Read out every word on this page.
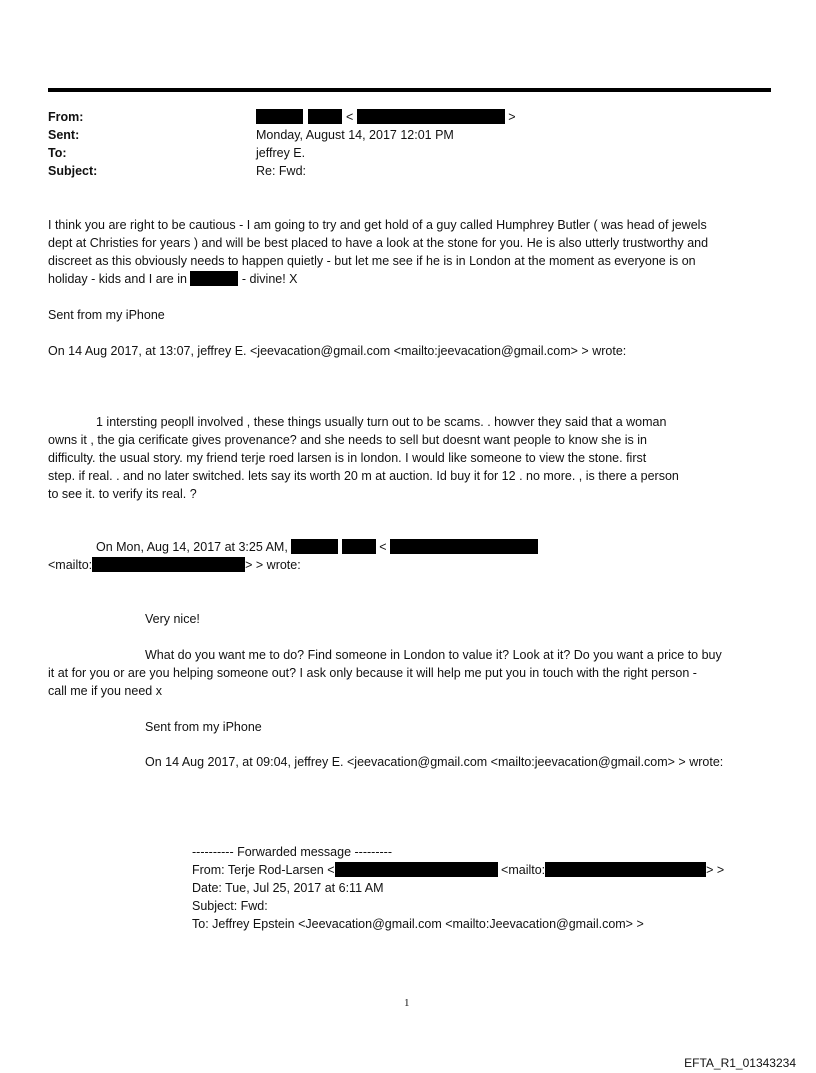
From:	<	>
Sent:	Monday, August 14, 2017 12:01 PM
To:	jeffrey E.
Subject:	Re: Fwd:
I think you are right to be cautious - I am going to try and get hold of a guy called Humphrey Butler ( was head of jewels
dept at Christies for years ) and will be best placed to have a look at the stone for you. He is also utterly trustworthy and
discreet as this obviously needs to happen quietly - but let me see if he is in London at the moment as everyone is on
holiday - kids and I are in	- divine! X
Sent from my iPhone
On 14 Aug 2017, at 13:07, jeffrey E. <jeevacation@gmail.com <mailto:jeevacation@gmail.com> > wrote:
1 intersting peopll involved , these things usually turn out to be scams. . howver they said that a woman
owns it , the gia cerificate gives provenance? and she needs to sell but doesnt want people to know she is in
difficulty. the usual story. my friend terje roed larsen is in london. I would like someone to view the stone. first
step. if real. . and no later switched. lets say its worth 20 m at auction. Id buy it for 12 . no more. , is there a person
to see it. to verify its real. ?
On Mon, Aug 14, 2017 at 3:25 AM,	<
<mailto:	> > wrote:
Very nice!
What do you want me to do? Find someone in London to value it? Look at it? Do you want a price to buy
it at for you or are you helping someone out? I ask only because it will help me put you in touch with the right person -
call me if you need x
Sent from my iPhone
On 14 Aug 2017, at 09:04, jeffrey E. <jeevacation@gmail.com <mailto:jeevacation@gmail.com> > wrote:
---------- Forwarded message ---------
From: Terje Rod-Larsen <	<mailto:	> >
Date: Tue, Jul 25, 2017 at 6:11 AM
Subject: Fwd:
To: Jeffrey Epstein <Jeevacation@gmail.com <mailto:Jeevacation@gmail.com> >
1
EFTA_R1_01343234
